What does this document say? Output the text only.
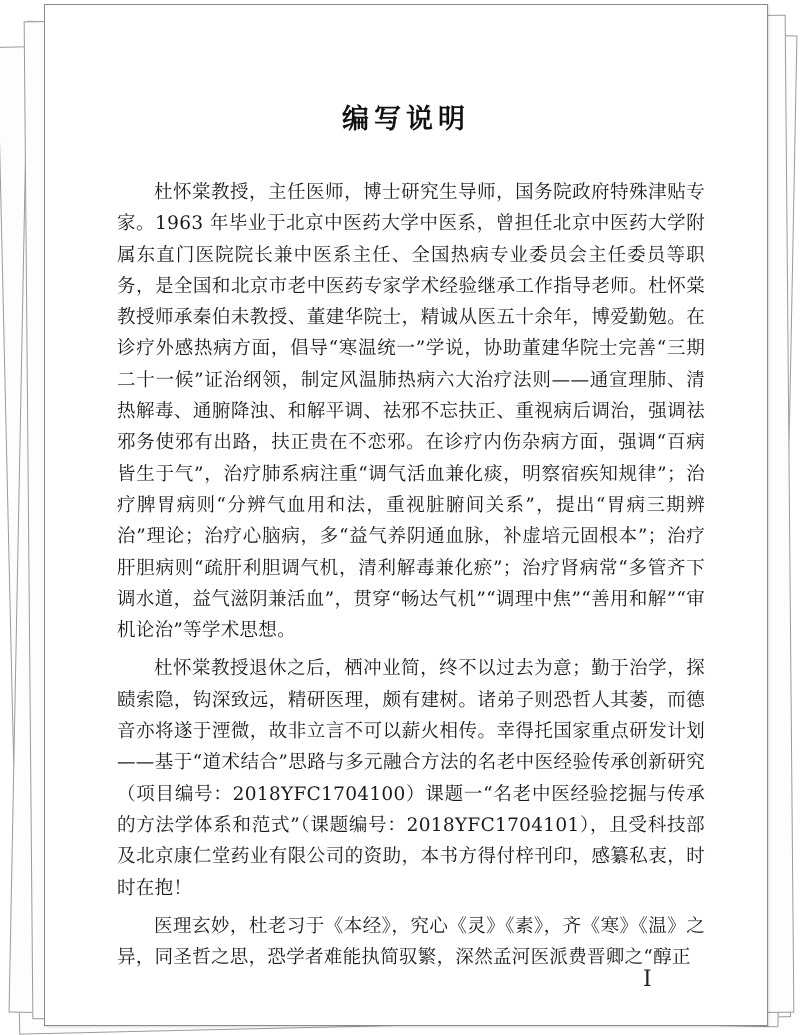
编写说明

杜怀棠教授，主任医师，博士研究生导师，国务院政府特殊津贴专家。1963 年毕业于北京中医药大学中医系，曾担任北京中医药大学附属东直门医院院长兼中医系主任、全国热病专业委员会主任委员等职务，是全国和北京市老中医药专家学术经验继承工作指导老师。杜怀棠教授师承秦伯未教授、董建华院士，精诚从医五十余年，博爱勤勉。在诊疗外感热病方面，倡导“寒温统一”学说，协助董建华院士完善“三期二十一候”证治纲领，制定风温肺热病六大治疗法则——通宣理肺、清热解毒、通腑降浊、和解平调、祛邪不忘扶正、重视病后调治，强调祛邪务使邪有出路，扶正贵在不恋邪。在诊疗内伤杂病方面，强调“百病皆生于气”，治疗肺系病注重“调气活血兼化痰，明察宿疾知规律”；治疗脾胃病则“分辨气血用和法，重视脏腑间关系”，提出“胃病三期辨治”理论；治疗心脑病，多“益气养阴通血脉，补虚培元固根本”；治疗肝胆病则“疏肝利胆调气机，清利解毒兼化瘀”；治疗肾病常“多管齐下调水道，益气滋阴兼活血”，贯穿“畅达气机”“调理中焦”“善用和解”“审机论治”等学术思想。

杜怀棠教授退休之后，栖冲业简，终不以过去为意；勤于治学，探赜索隐，钩深致远，精研医理，颇有建树。诸弟子则恐哲人其萎，而德音亦将遂于湮微，故非立言不可以薪火相传。幸得托国家重点研发计划——基于“道术结合”思路与多元融合方法的名老中医经验传承创新研究（项目编号：2018YFC1704100）课题一“名老中医经验挖掘与传承的方法学体系和范式”（课题编号：2018YFC1704101），且受科技部及北京康仁堂药业有限公司的资助，本书方得付梓刊印，感纂私衷，时时在抱！

医理玄妙，杜老习于《本经》，究心《灵》《素》，齐《寒》《温》之异，同圣哲之思，恐学者难能执简驭繁，深然孟河医派费晋卿之“醇正

I
